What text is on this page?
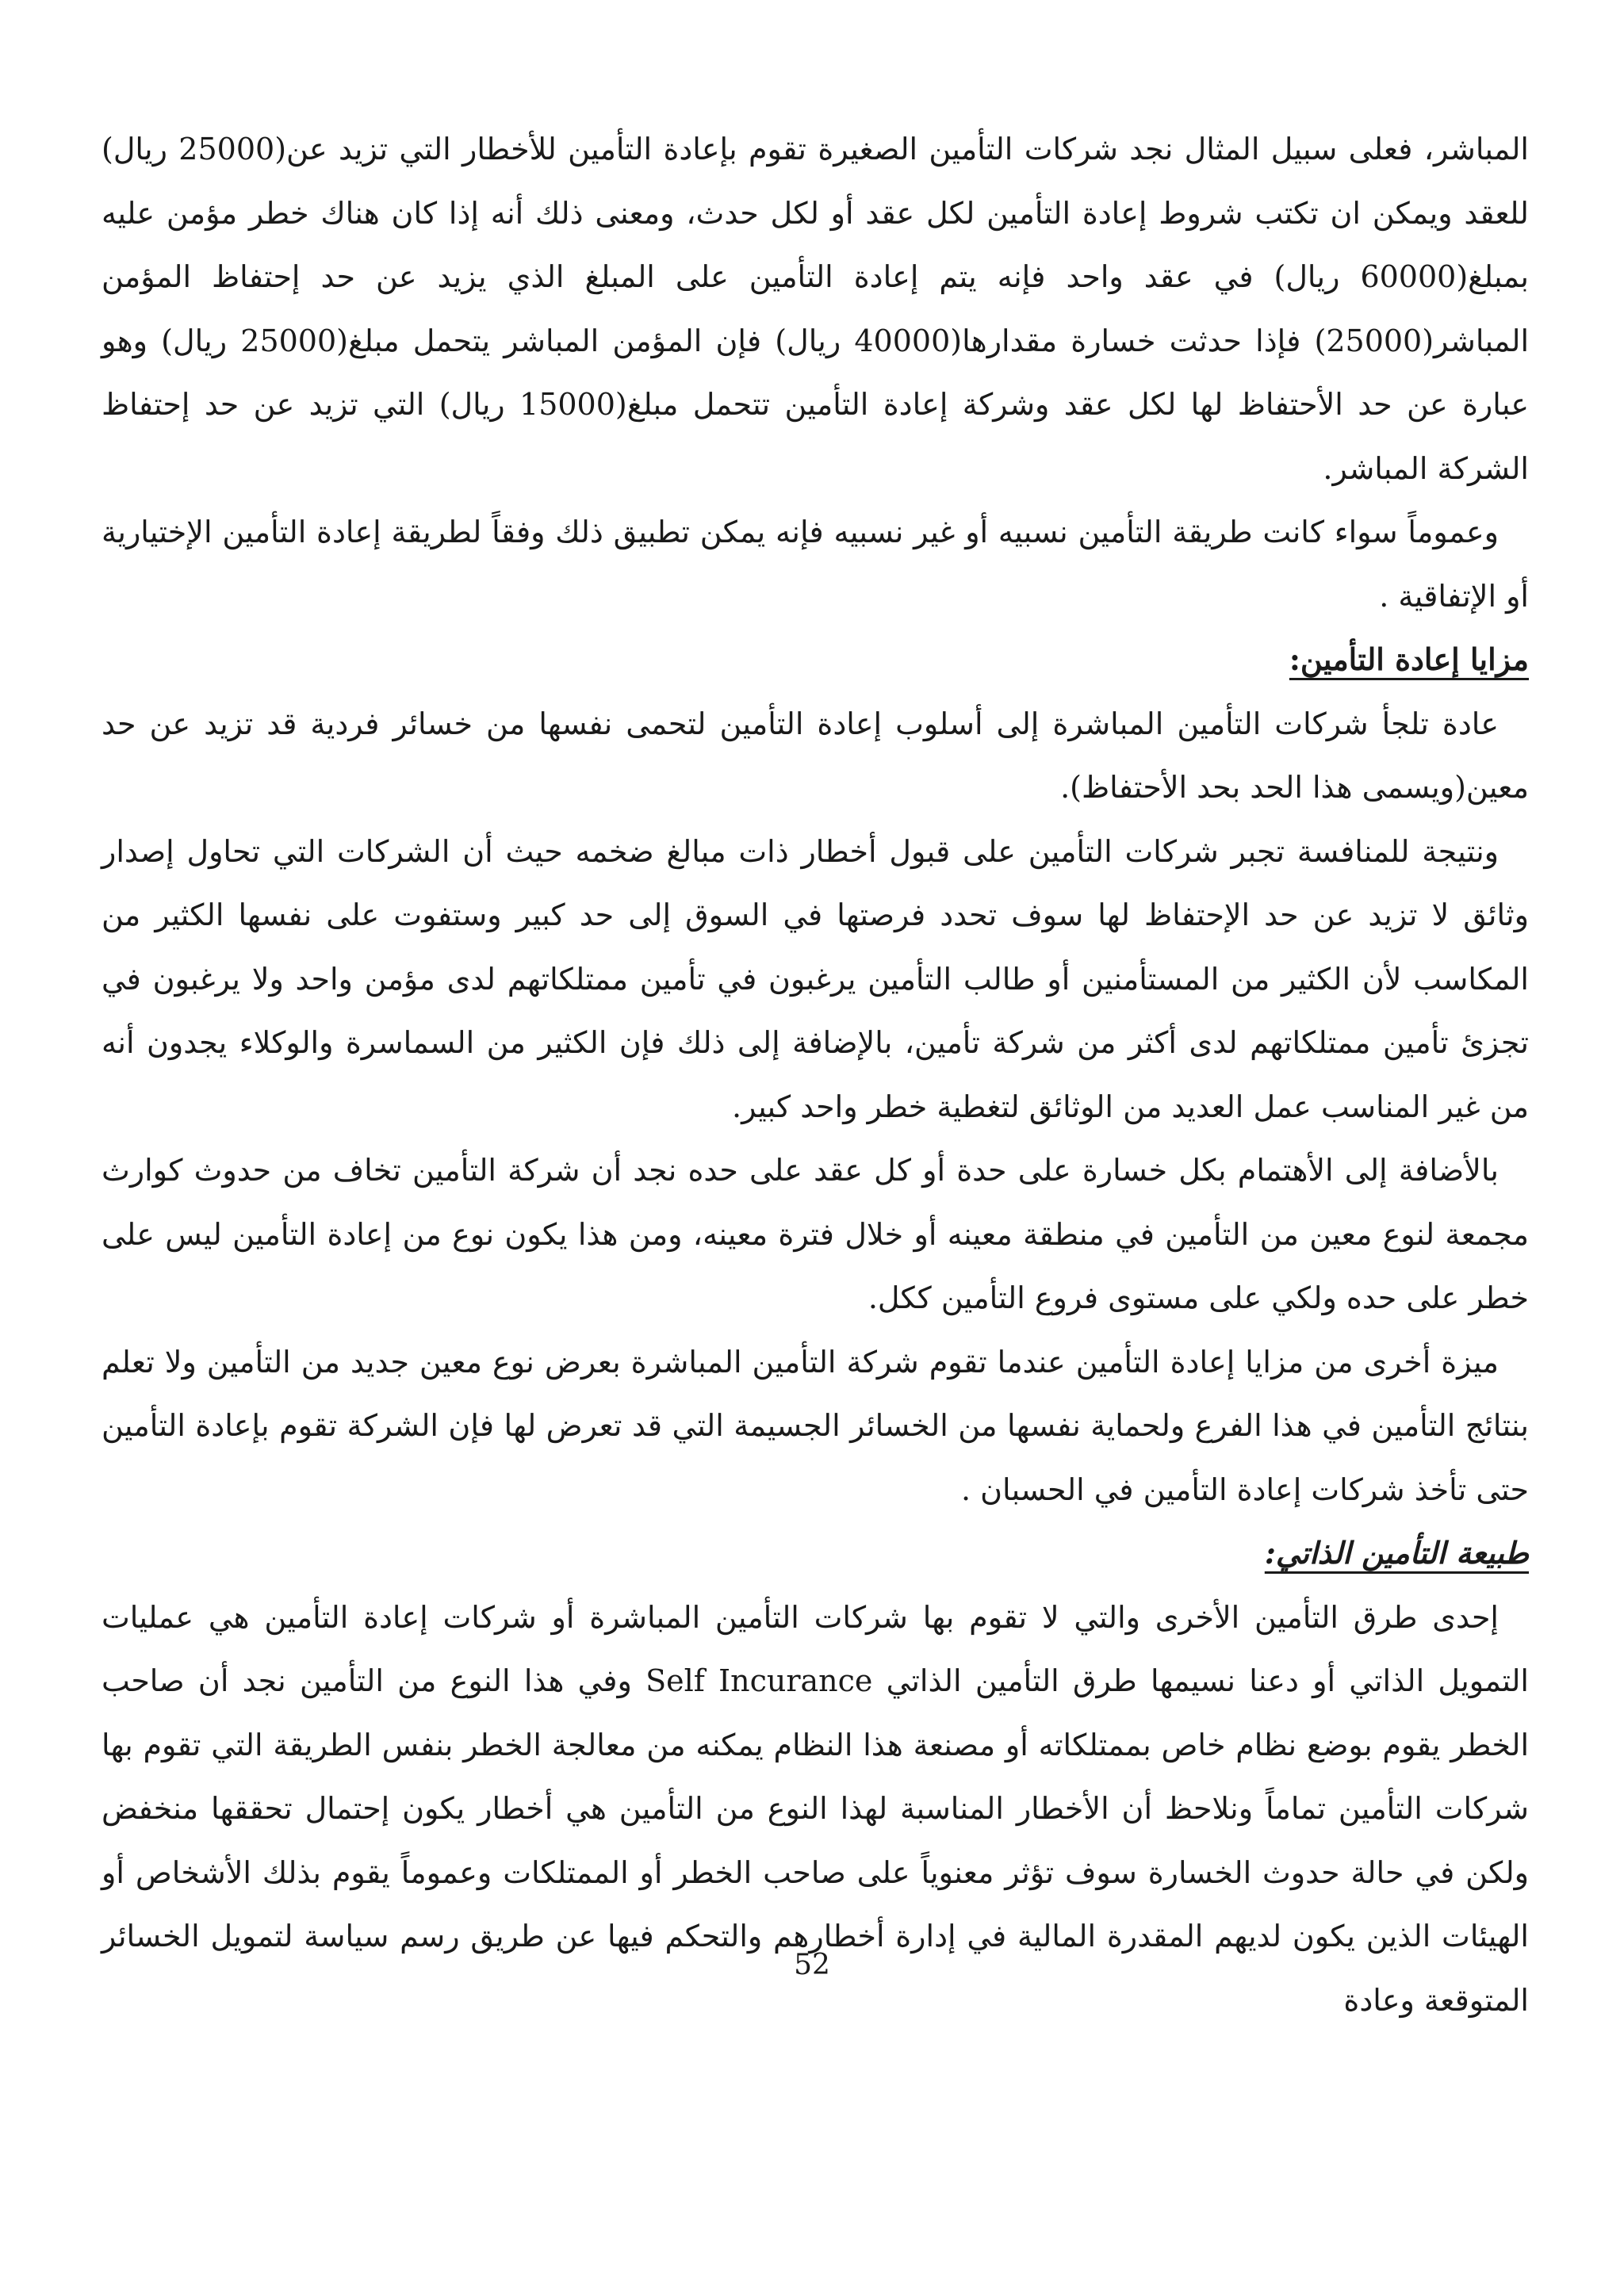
المباشر، فعلى سبيل المثال نجد شركات التأمين الصغيرة تقوم بإعادة التأمين للأخطار التي تزيد عن(25000 ريال) للعقد ويمكن ان تكتب شروط إعادة التأمين لكل عقد أو لكل حدث، ومعنى ذلك أنه إذا كان هناك خطر مؤمن عليه بمبلغ(60000 ريال) في عقد واحد فإنه يتم إعادة التأمين على المبلغ الذي يزيد عن حد إحتفاظ المؤمن المباشر(25000) فإذا حدثت خسارة مقدارها(40000 ريال) فإن المؤمن المباشر يتحمل مبلغ(25000 ريال) وهو عبارة عن حد الأحتفاظ لها لكل عقد وشركة إعادة التأمين تتحمل مبلغ(15000 ريال) التي تزيد عن حد إحتفاظ الشركة المباشر.

وعموماً سواء كانت طريقة التأمين نسبيه أو غير نسبيه فإنه يمكن تطبيق ذلك وفقاً لطريقة إعادة التأمين الإختيارية أو الإتفاقية .

مزايا إعادة التأمين:

عادة تلجأ شركات التأمين المباشرة إلى أسلوب إعادة التأمين لتحمى نفسها من خسائر فردية قد تزيد عن حد معين(ويسمى هذا الحد بحد الأحتفاظ).

ونتيجة للمنافسة تجبر شركات التأمين على قبول أخطار ذات مبالغ ضخمه حيث أن الشركات التي تحاول إصدار وثائق لا تزيد عن حد الإحتفاظ لها سوف تحدد فرصتها في السوق إلى حد كبير وستفوت على نفسها الكثير من المكاسب لأن الكثير من المستأمنين أو طالب التأمين يرغبون في تأمين ممتلكاتهم لدى مؤمن واحد ولا يرغبون في تجزئ تأمين ممتلكاتهم لدى أكثر من شركة تأمين، بالإضافة إلى ذلك فإن الكثير من السماسرة والوكلاء يجدون أنه من غير المناسب عمل العديد من الوثائق لتغطية خطر واحد كبير.

بالأضافة إلى الأهتمام بكل خسارة على حدة أو كل عقد على حده نجد أن شركة التأمين تخاف من حدوث كوارث مجمعة لنوع معين من التأمين في منطقة معينه أو خلال فترة معينه، ومن هذا يكون نوع من إعادة التأمين ليس على خطر على حده ولكي على مستوى فروع التأمين ككل.

ميزة أخرى من مزايا إعادة التأمين عندما تقوم شركة التأمين المباشرة بعرض نوع معين جديد من التأمين ولا تعلم بنتائج التأمين في هذا الفرع ولحماية نفسها من الخسائر الجسيمة التي قد تعرض لها فإن الشركة تقوم بإعادة التأمين حتى تأخذ شركات إعادة التأمين في الحسبان .

طبيعة التأمين الذاتي:

إحدى طرق التأمين الأخرى والتي لا تقوم بها شركات التأمين المباشرة أو شركات إعادة التأمين هي عمليات التمويل الذاتي أو دعنا نسيمها طرق التأمين الذاتي Self Incurance وفي هذا النوع من التأمين نجد أن صاحب الخطر يقوم بوضع نظام خاص بممتلكاته أو مصنعة هذا النظام يمكنه من معالجة الخطر بنفس الطريقة التي تقوم بها شركات التأمين تماماً ونلاحظ أن الأخطار المناسبة لهذا النوع من التأمين هي أخطار يكون إحتمال تحققها منخفض ولكن في حالة حدوث الخسارة سوف تؤثر معنوياً على صاحب الخطر أو الممتلكات وعموماً يقوم بذلك الأشخاص أو الهيئات الذين يكون لديهم المقدرة المالية في إدارة أخطارهم والتحكم فيها عن طريق رسم سياسة لتمويل الخسائر المتوقعة وعادة

52
